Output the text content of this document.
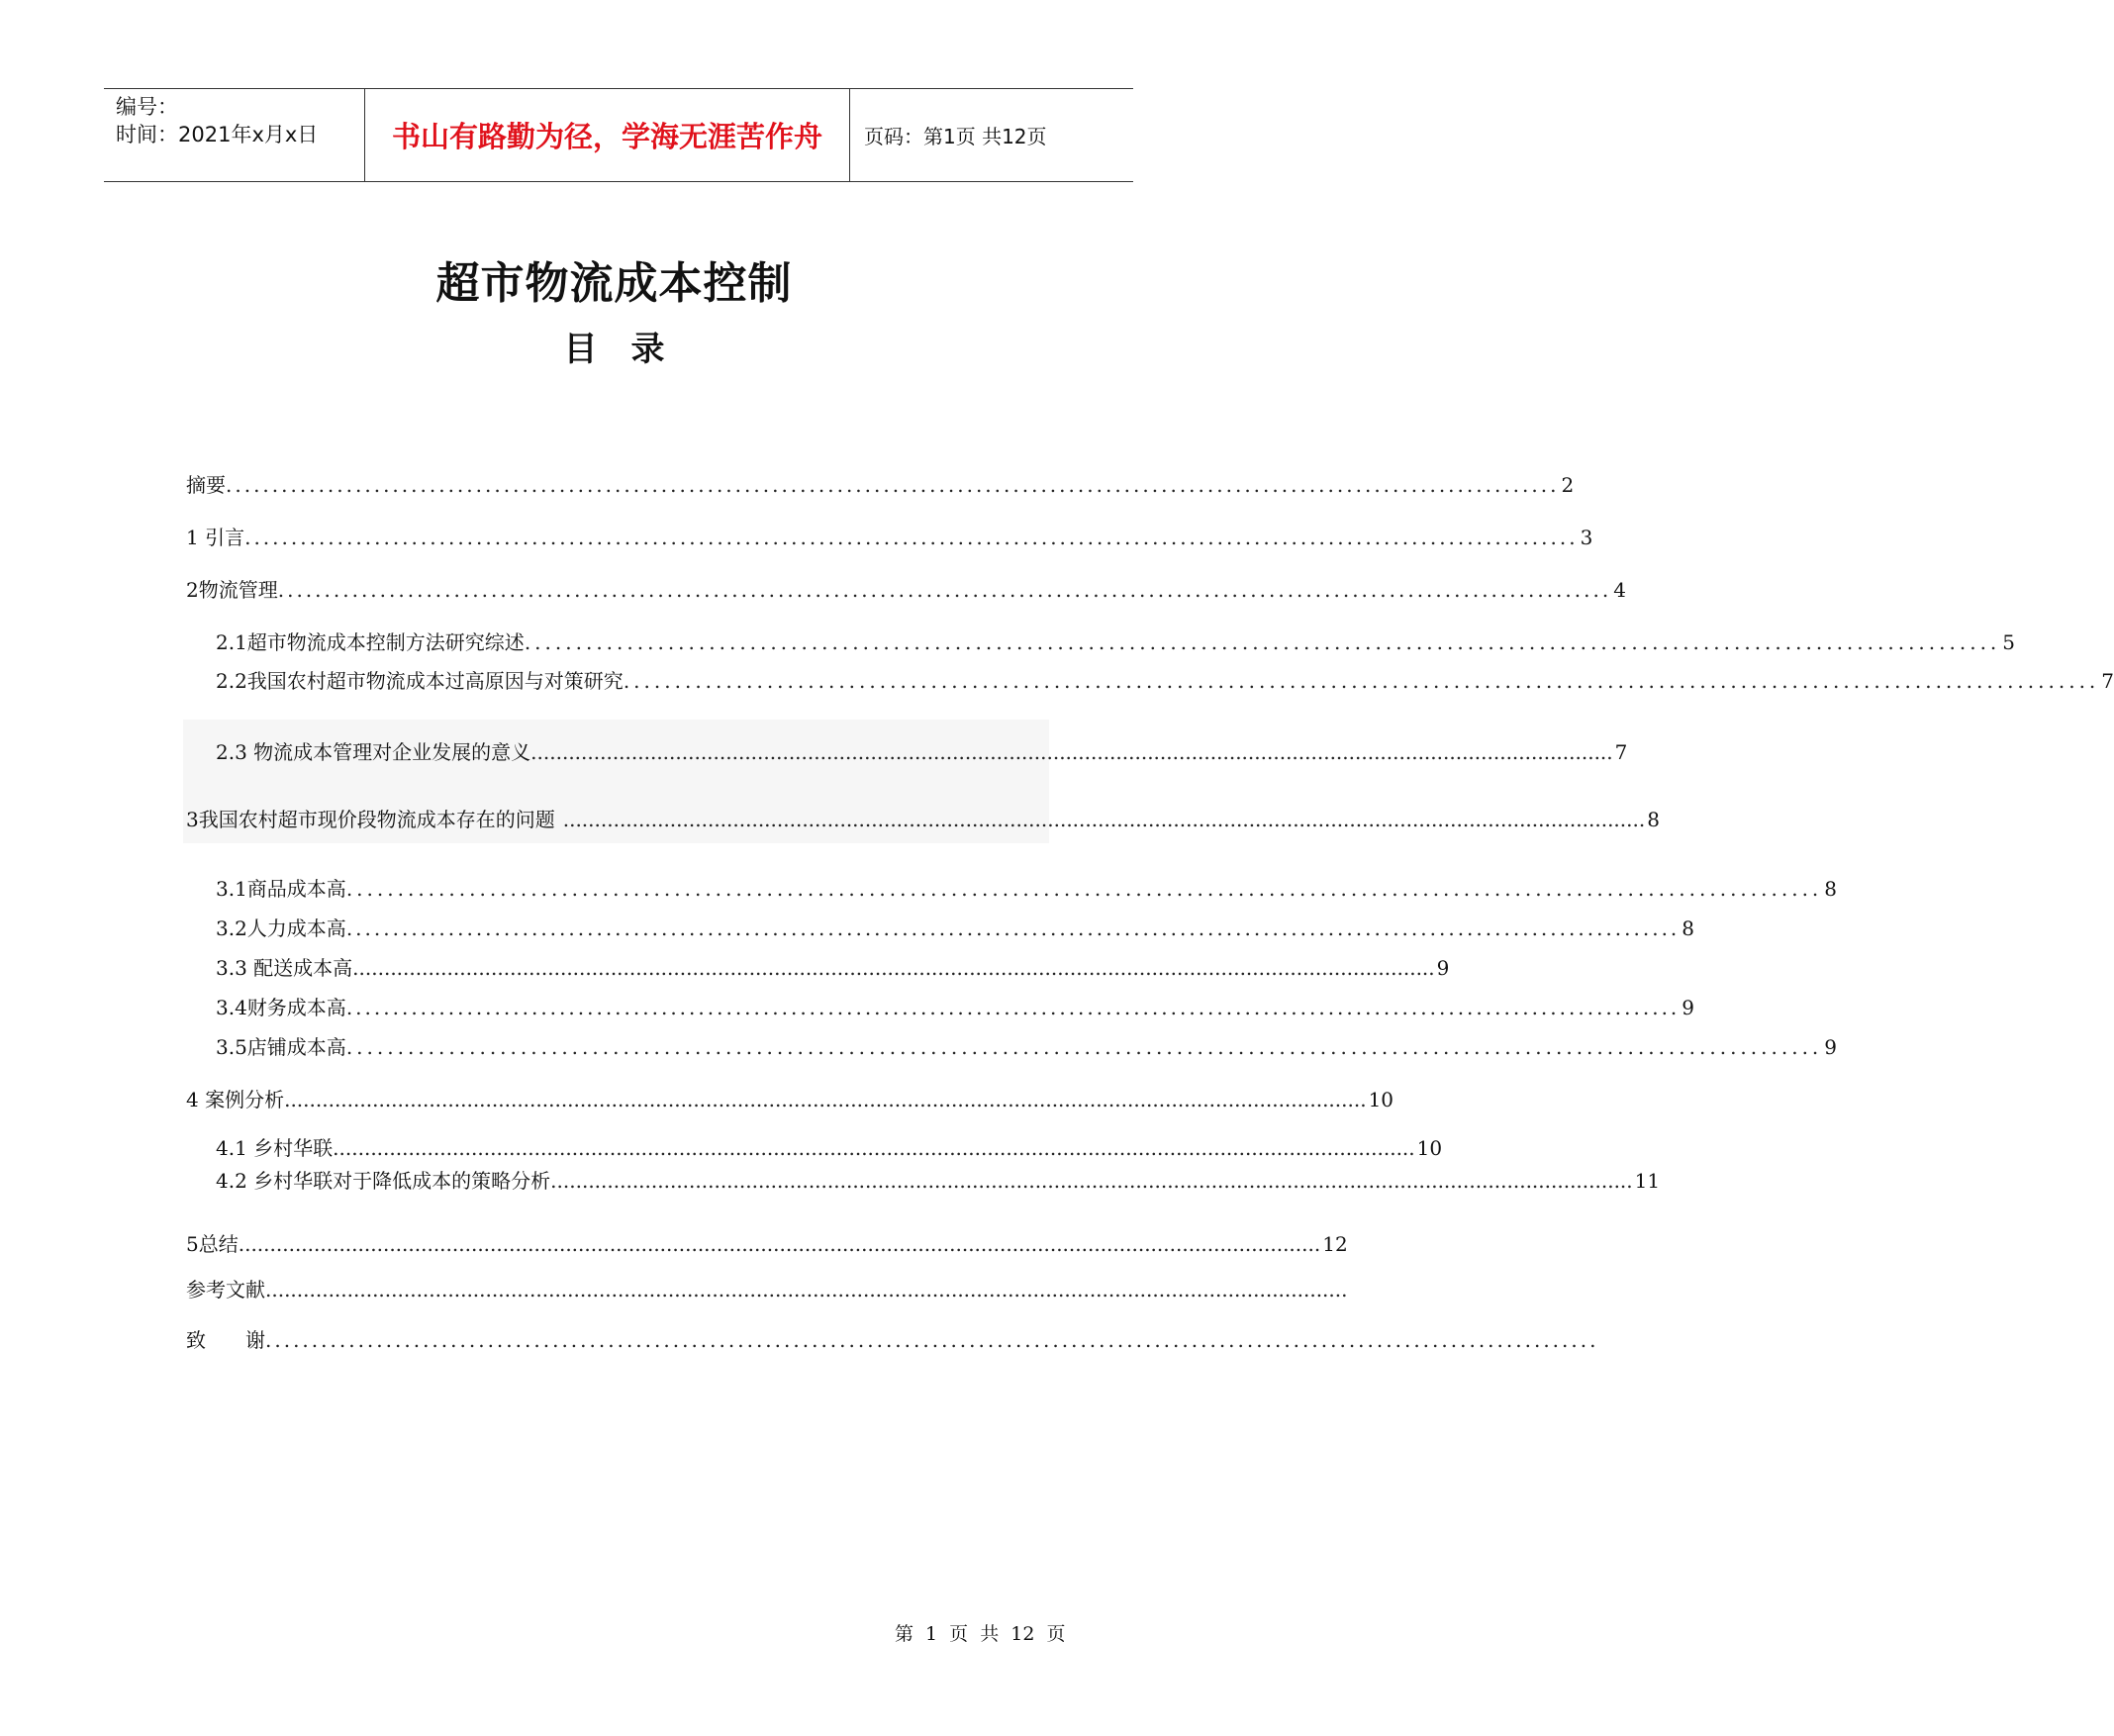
编号：
时间：2021年x月x日	书山有路勤为径，学海无涯苦作舟	页码：第1页 共12页
超市物流成本控制
目　录
摘要 ................................................................................................................................................ 2
1 引言 ................................................................................................................................................ 3
2物流管理 ................................................................................................................................................ 4
2.1超市物流成本控制方法研究综述 ................................................................................................................................................ 5
2.2我国农村超市物流成本过高原因与对策研究 ................................................................................................................................................ 7
2.3 物流成本管理对企业发展的意义 ............................................................................................................................................................................ 7
3我国农村超市现价段物流成本存在的问题 ............................................................................................................................................................................ 8
3.1商品成本高 ................................................................................................................................................ 8
3.2人力成本高 ................................................................................................................................................ 8
3.3 配送成本高 ............................................................................................................................................................................ 9
3.4财务成本高 ................................................................................................................................................ 9
3.5店铺成本高 ................................................................................................................................................ 9
4 案例分析 ............................................................................................................................................................................ 10
4.1 乡村华联 ............................................................................................................................................................................ 10
4.2 乡村华联对于降低成本的策略分析 ............................................................................................................................................................................ 11
5总结 ............................................................................................................................................................................ 12
参考文献 ............................................................................................................................................................................
致　　谢 ................................................................................................................................................
第 1 页 共 12 页
